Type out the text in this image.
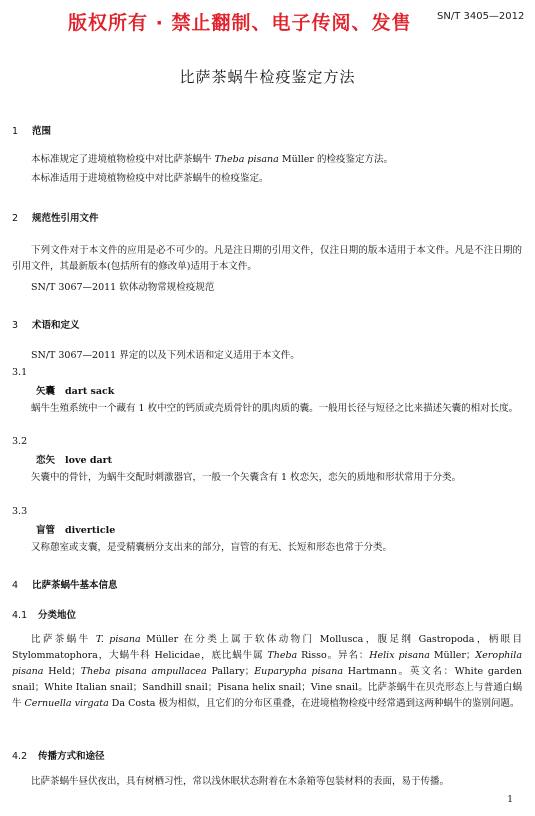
版权所有 · 禁止翻制、电子传阅、发售	SN/T 3405—2012
比萨茶蜗牛检疫鉴定方法
1 范围
本标准规定了进境植物检疫中对比萨茶蜗牛 Theba pisana Müller 的检疫鉴定方法。
本标准适用于进境植物检疫中对比萨茶蜗牛的检疫鉴定。
2 规范性引用文件
下列文件对于本文件的应用是必不可少的。凡是注日期的引用文件，仅注日期的版本适用于本文件。凡是不注日期的引用文件，其最新版本(包括所有的修改单)适用于本文件。
SN/T 3067—2011 软体动物常规检疫规范
3 术语和定义
SN/T 3067—2011 界定的以及下列术语和定义适用于本文件。
3.1
矢囊 dart sack
蜗牛生殖系统中一个藏有 1 枚中空的钙质或壳质骨针的肌肉质的囊。一般用长径与短径之比来描述矢囊的相对长度。
3.2
恋矢 love dart
矢囊中的骨针，为蜗牛交配时刺激器官，一般一个矢囊含有 1 枚恋矢，恋矢的质地和形状常用于分类。
3.3
盲管 diverticle
又称憩室或支囊，是受精囊柄分支出来的部分，盲管的有无、长短和形态也常于分类。
4 比萨茶蜗牛基本信息
4.1 分类地位
比萨茶蜗牛 T. pisana Müller 在分类上属于软体动物门 Mollusca，腹足纲 Gastropoda，柄眼目 Stylommatophora，大蜗牛科 Helicidae，底比蜗牛属 Theba Risso。异名：Helix pisana Müller；Xerophila pisana Held；Theba pisana ampullacea Pallary；Euparypha pisana Hartmann。英文名：White garden snail；White Italian snail；Sandhill snail；Pisana helix snail；Vine snail。比萨茶蜗牛在贝壳形态上与普通白蜗牛 Cernuella virgata Da Costa 极为相似，且它们的分布区重叠，在进境植物检疫中经常遇到这两种蜗牛的鉴别问题。
4.2 传播方式和途径
比萨茶蜗牛昼伏夜出，具有树栖习性，常以浅休眠状态附着在木条箱等包装材料的表面，易于传播。
1
